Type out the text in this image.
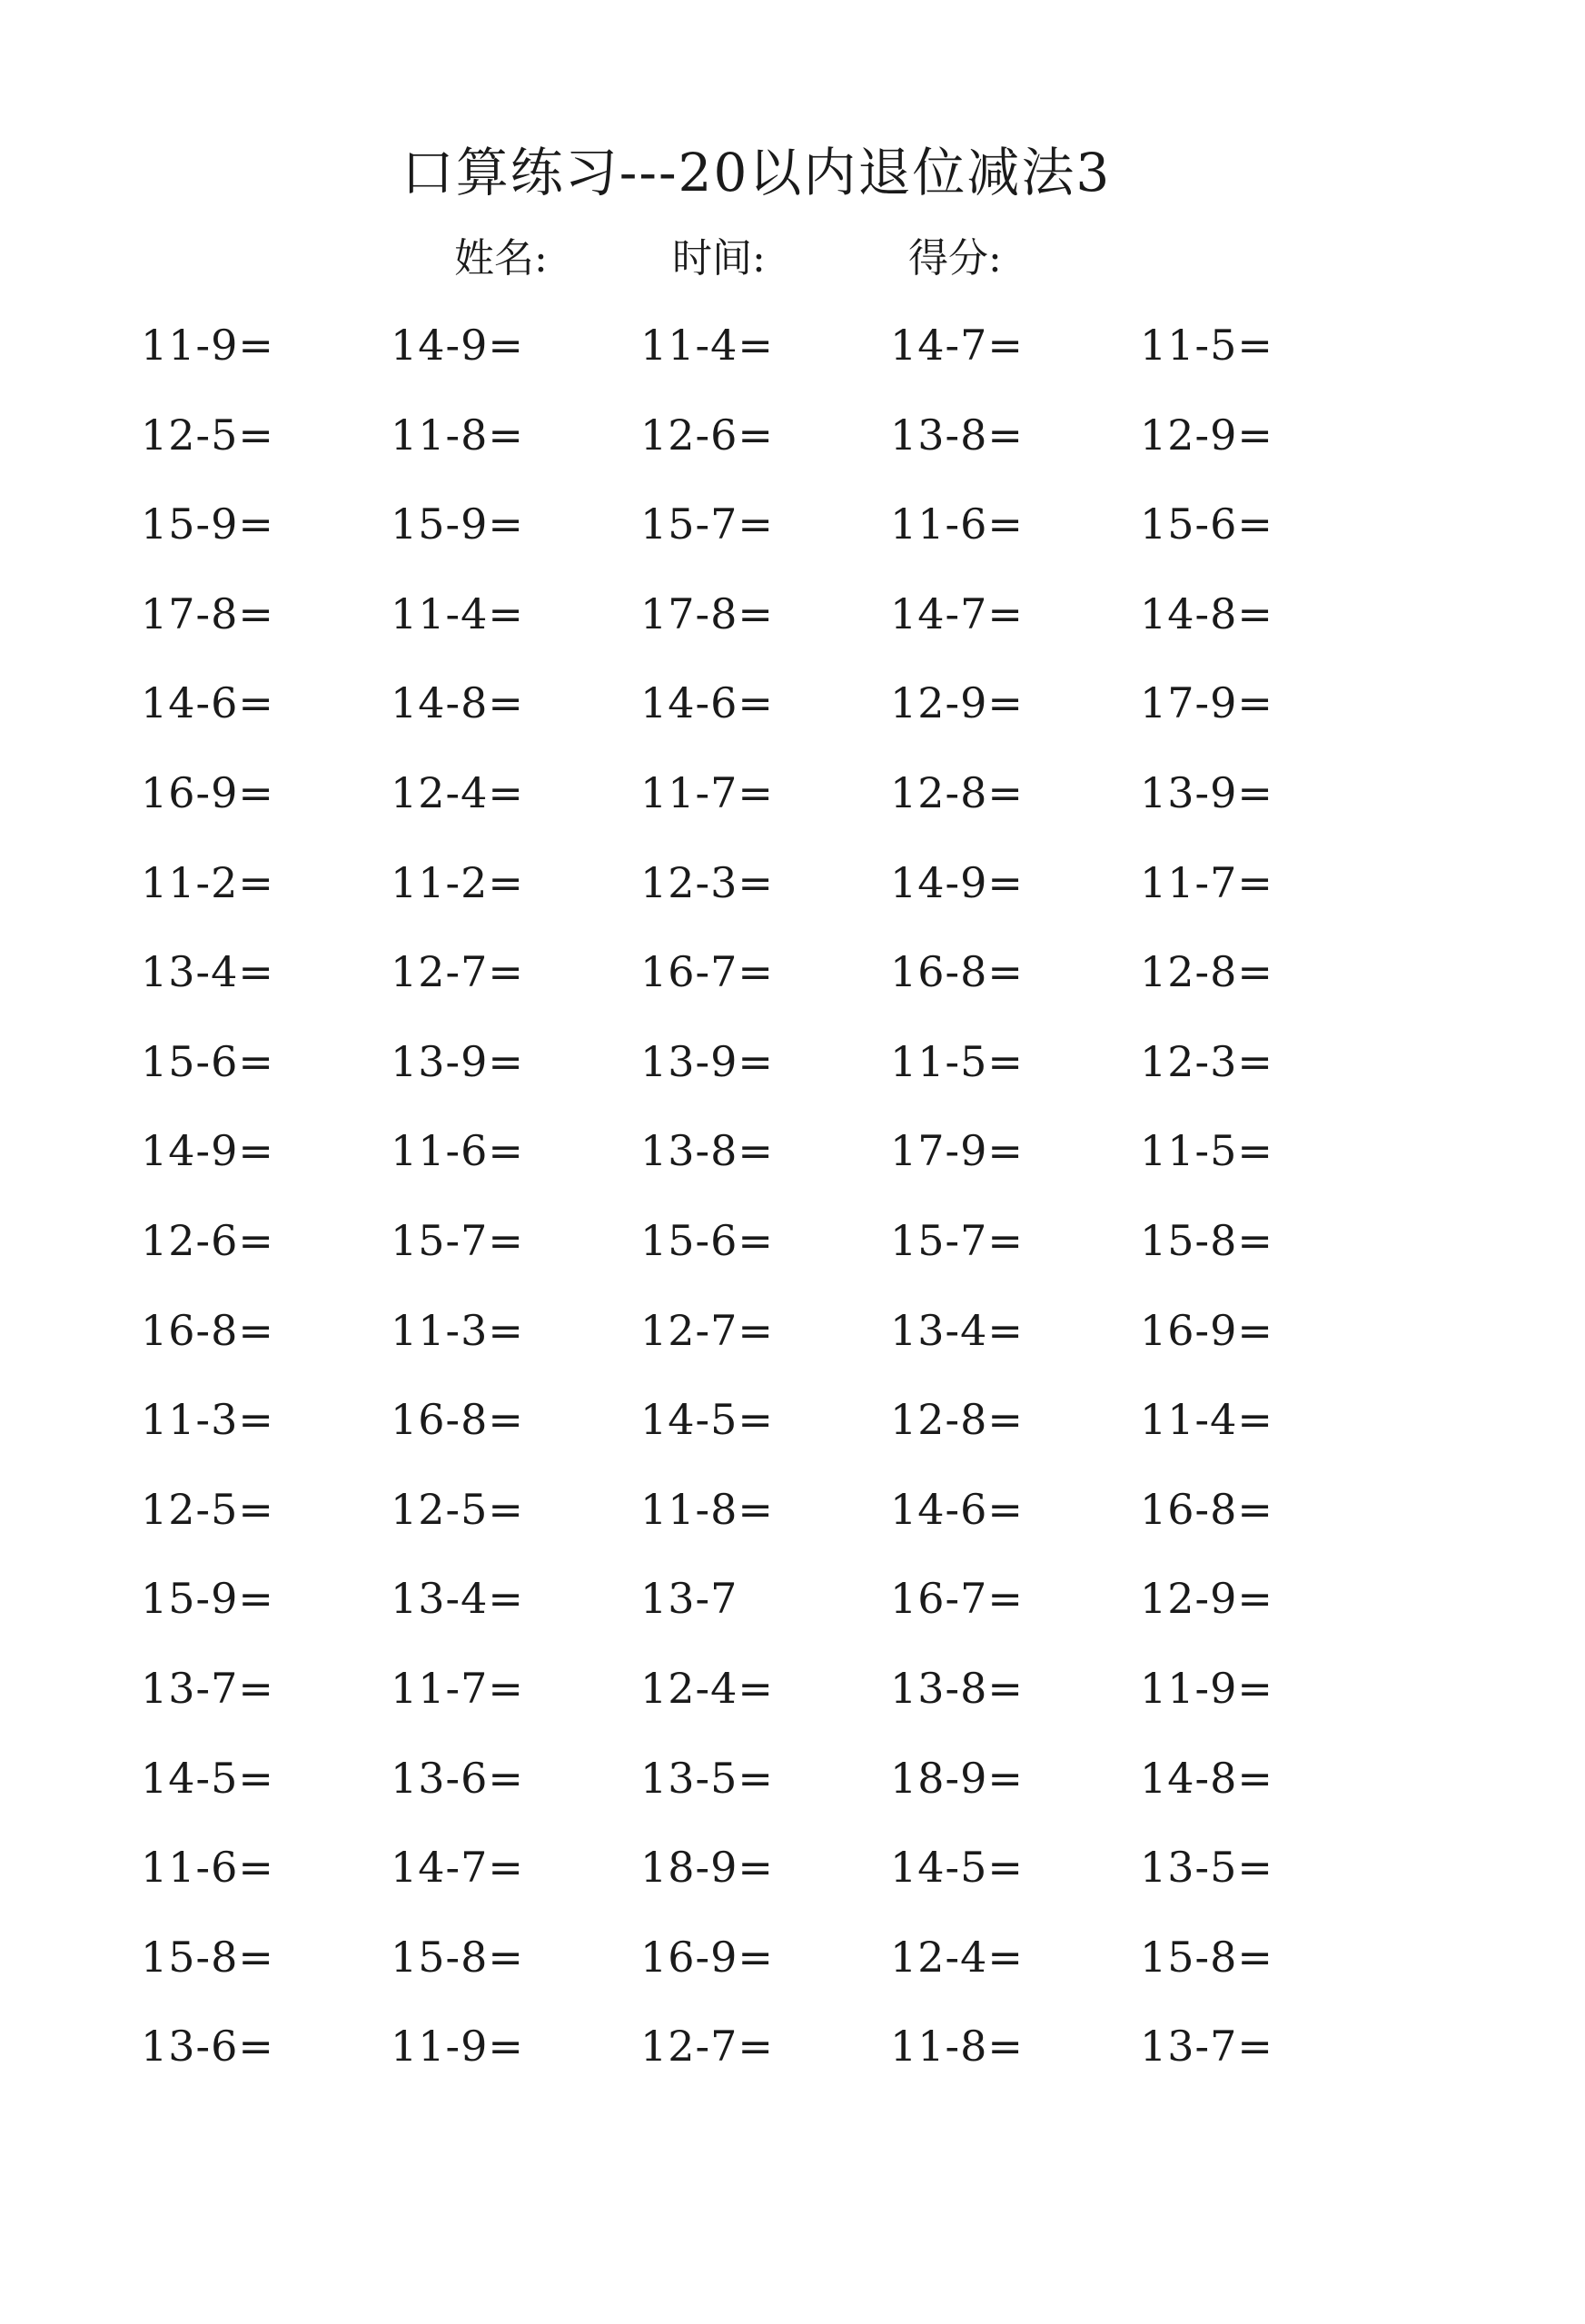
口算练习---20以内退位减法3
姓名:	时间:	得分:
11-9=	14-9=	11-4=	14-7=	11-5=
12-5=	11-8=	12-6=	13-8=	12-9=
15-9=	15-9=	15-7=	11-6=	15-6=
17-8=	11-4=	17-8=	14-7=	14-8=
14-6=	14-8=	14-6=	12-9=	17-9=
16-9=	12-4=	11-7=	12-8=	13-9=
11-2=	11-2=	12-3=	14-9=	11-7=
13-4=	12-7=	16-7=	16-8=	12-8=
15-6=	13-9=	13-9=	11-5=	12-3=
14-9=	11-6=	13-8=	17-9=	11-5=
12-6=	15-7=	15-6=	15-7=	15-8=
16-8=	11-3=	12-7=	13-4=	16-9=
11-3=	16-8=	14-5=	12-8=	11-4=
12-5=	12-5=	11-8=	14-6=	16-8=
15-9=	13-4=	13-7	16-7=	12-9=
13-7=	11-7=	12-4=	13-8=	11-9=
14-5=	13-6=	13-5=	18-9=	14-8=
11-6=	14-7=	18-9=	14-5=	13-5=
15-8=	15-8=	16-9=	12-4=	15-8=
13-6=	11-9=	12-7=	11-8=	13-7=
